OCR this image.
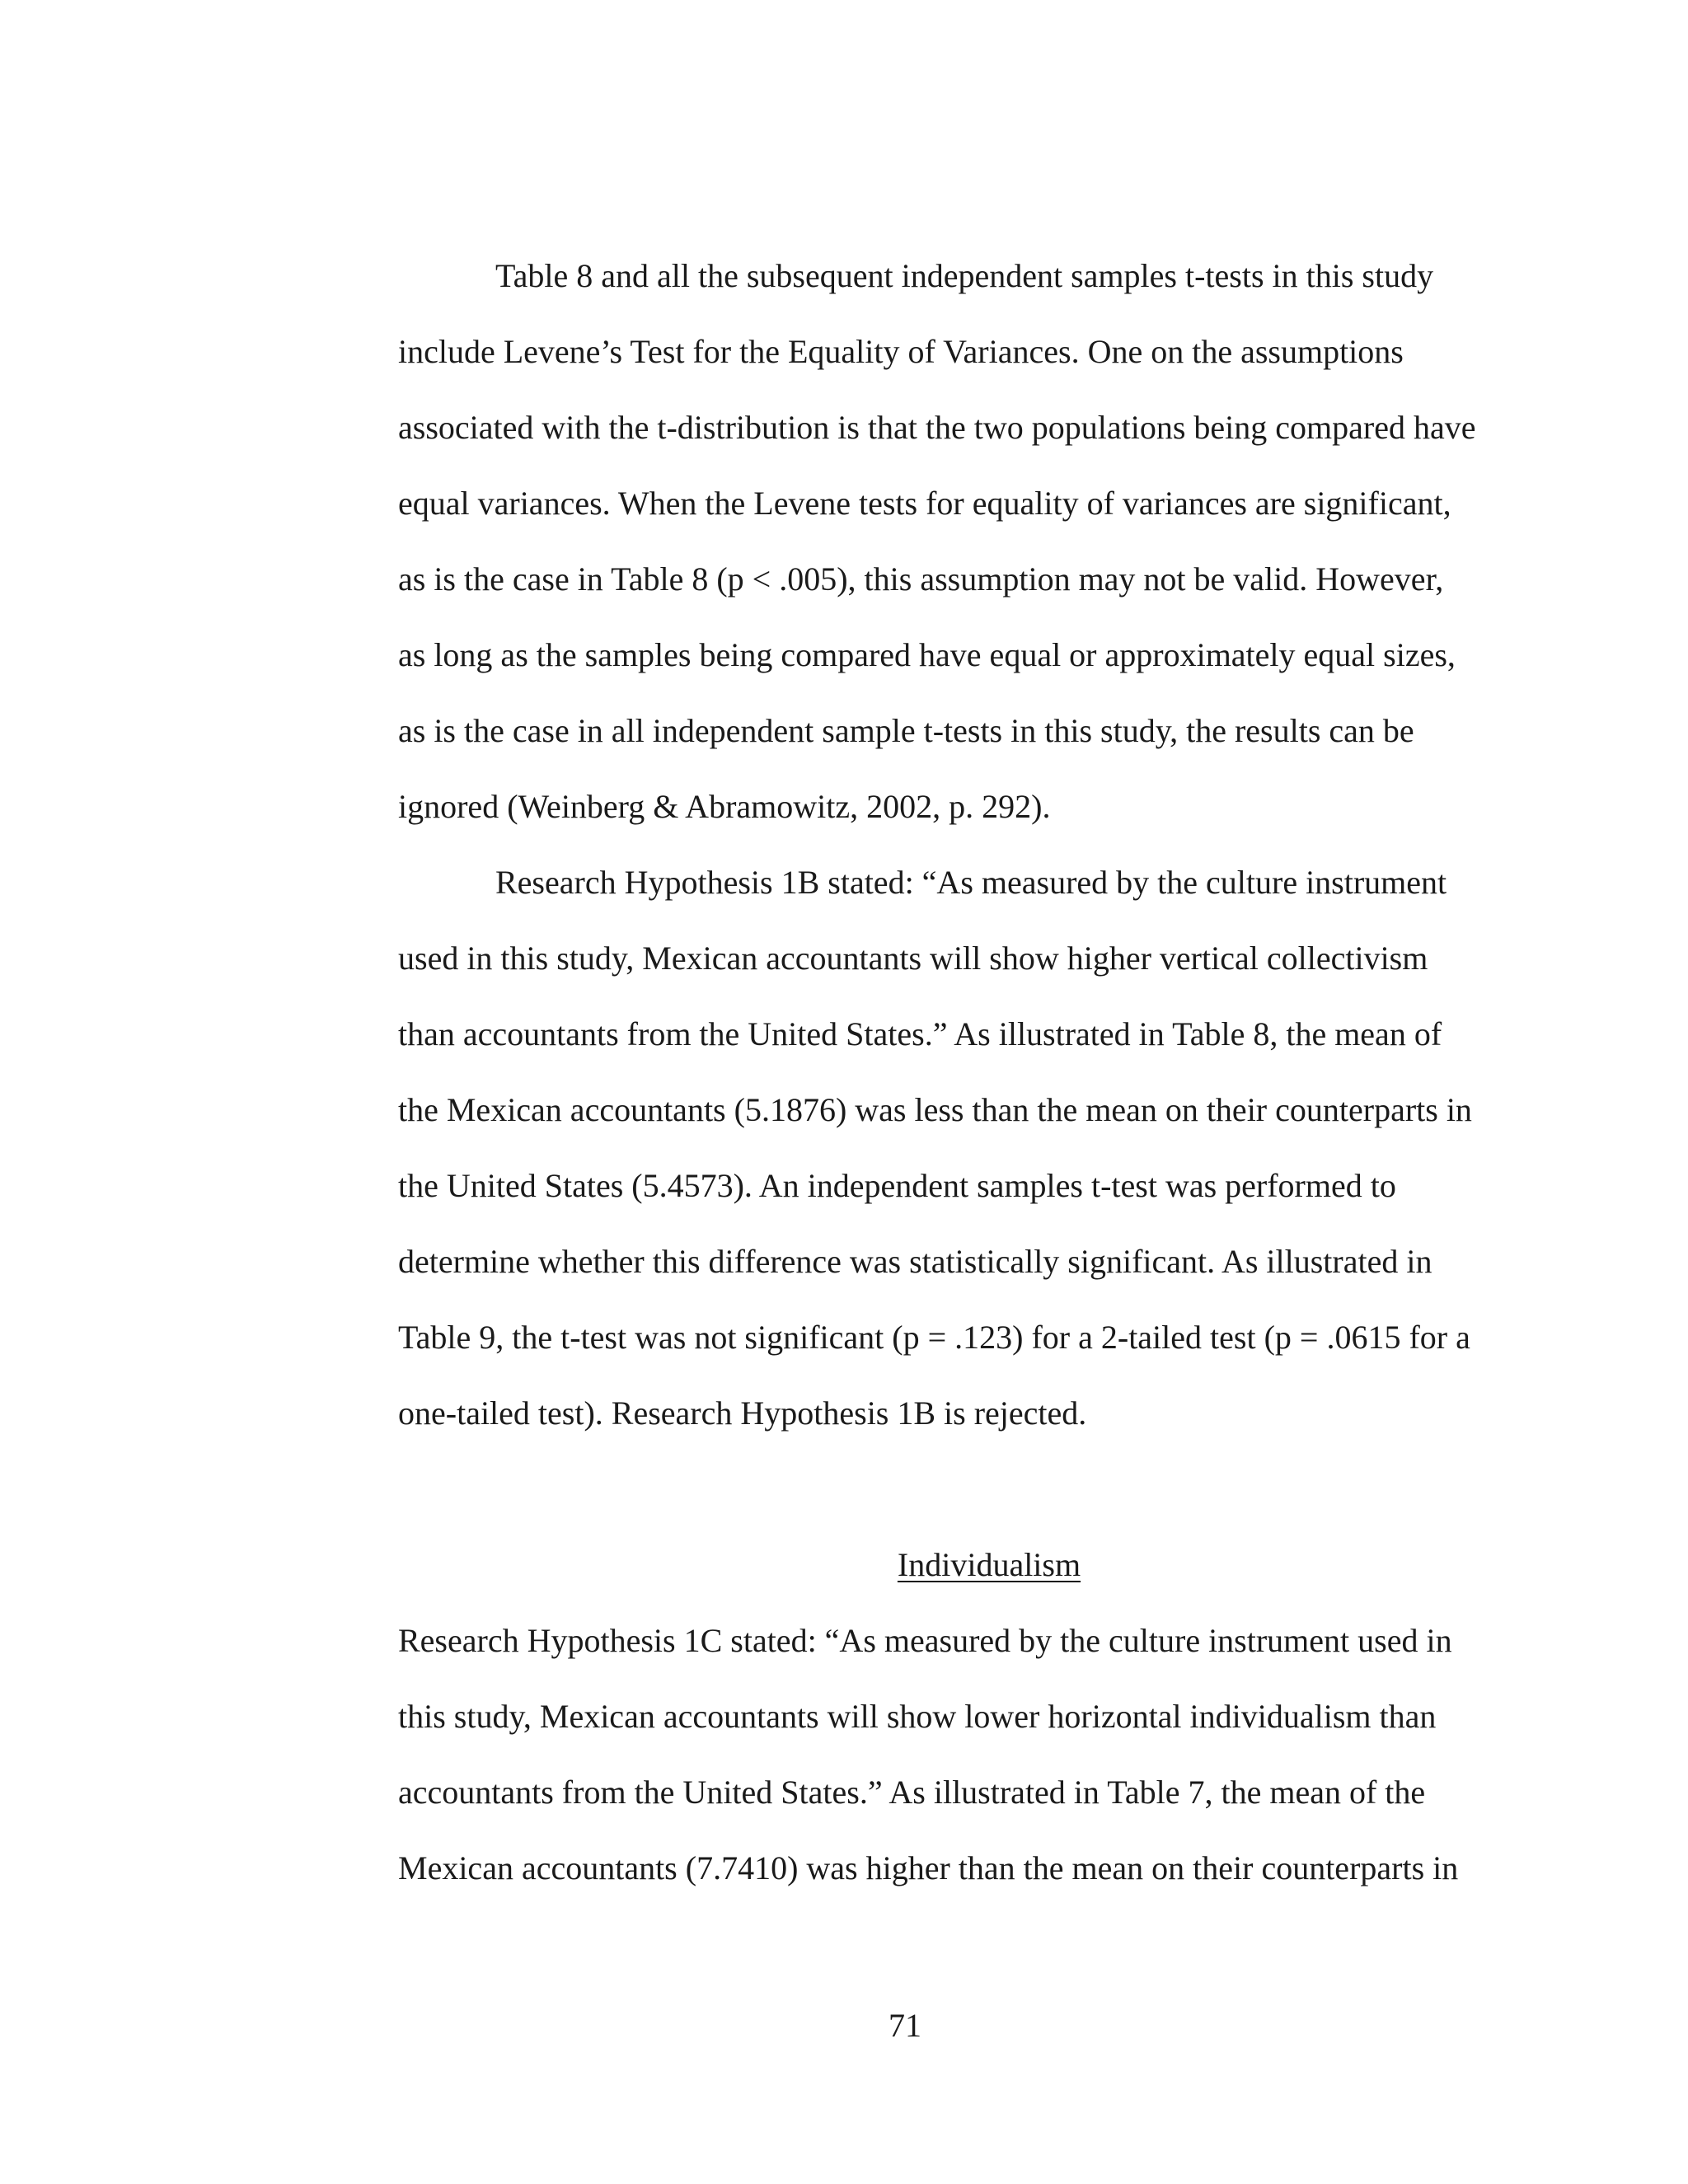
Table 8 and all the subsequent independent samples t-tests in this study

include Levene’s Test for the Equality of Variances. One on the assumptions

associated with the t-distribution is that the two populations being compared have

equal variances. When the Levene tests for equality of variances are significant,

as is the case in Table 8 (p < .005), this assumption may not be valid. However,

as long as the samples being compared have equal or approximately equal sizes,

as is the case in all independent sample t-tests in this study, the results can be

ignored (Weinberg & Abramowitz, 2002, p. 292).

Research Hypothesis 1B stated: “As measured by the culture instrument

used in this study, Mexican accountants will show higher vertical collectivism

than accountants from the United States.” As illustrated in Table 8, the mean of

the Mexican accountants (5.1876) was less than the mean on their counterparts in

the United States (5.4573). An independent samples t-test was performed to

determine whether this difference was statistically significant. As illustrated in

Table 9, the t-test was not significant (p = .123) for a 2-tailed test (p = .0615 for a

one-tailed test). Research Hypothesis 1B is rejected.

Individualism

Research Hypothesis 1C stated: “As measured by the culture instrument used in

this study, Mexican accountants will show lower horizontal individualism than

accountants from the United States.” As illustrated in Table 7, the mean of the

Mexican accountants (7.7410) was higher than the mean on their counterparts in

71
